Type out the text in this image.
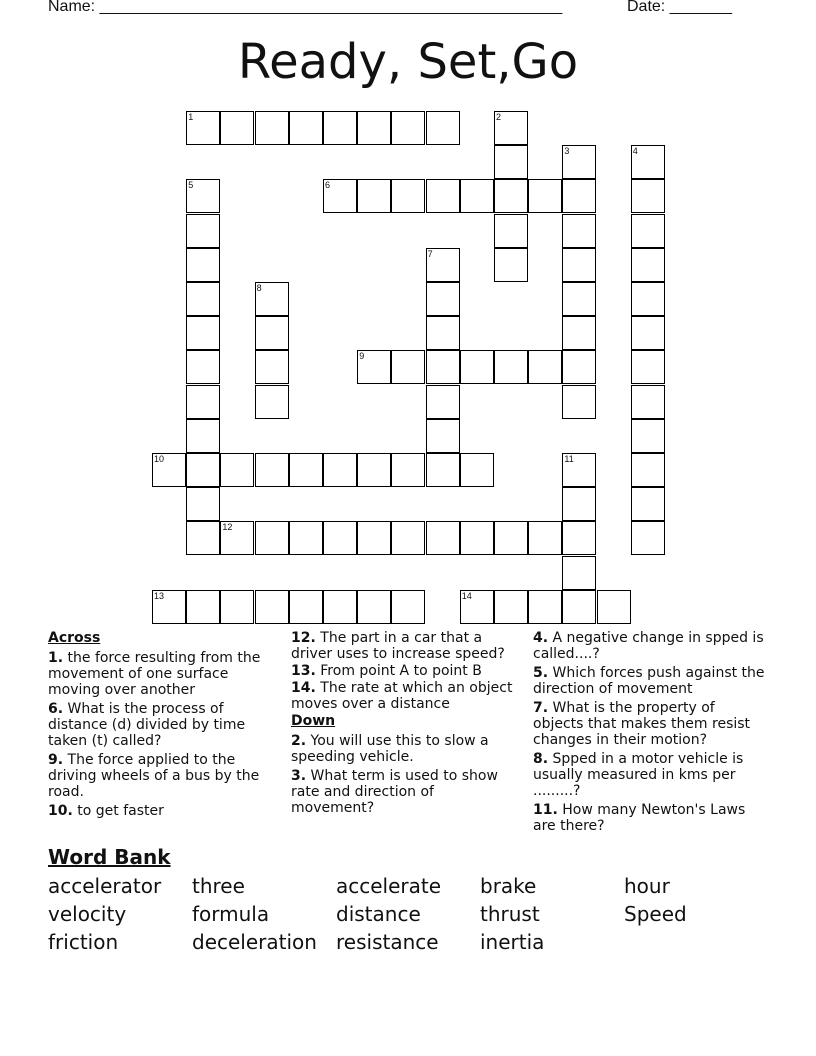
Name: ____________________________________________________	Date: _______
Ready, Set,Go
1	2
3	4
5	6
7
8
9
10	11
12
13	14
Across
1. the force resulting from the movement of one surface moving over another
6. What is the process of distance (d) divided by time taken (t) called?
9. The force applied to the driving wheels of a bus by the road.
10. to get faster
12. The part in a car that a driver uses to increase speed?
13. From point A to point B
14. The rate at which an object moves over a distance
Down
2. You will use this to slow a speeding vehicle.
3. What term is used to show rate and direction of movement?
4. A negative change in spped is called....?
5. Which forces push against the direction of movement
7. What is the property of objects that makes them resist changes in their motion?
8. Spped in a motor vehicle is usually measured in kms per .........?
11. How many Newton's Laws are there?
Word Bank
accelerator
velocity
friction
three
formula
deceleration
accelerate
distance
resistance
brake
thrust
inertia
hour
Speed
